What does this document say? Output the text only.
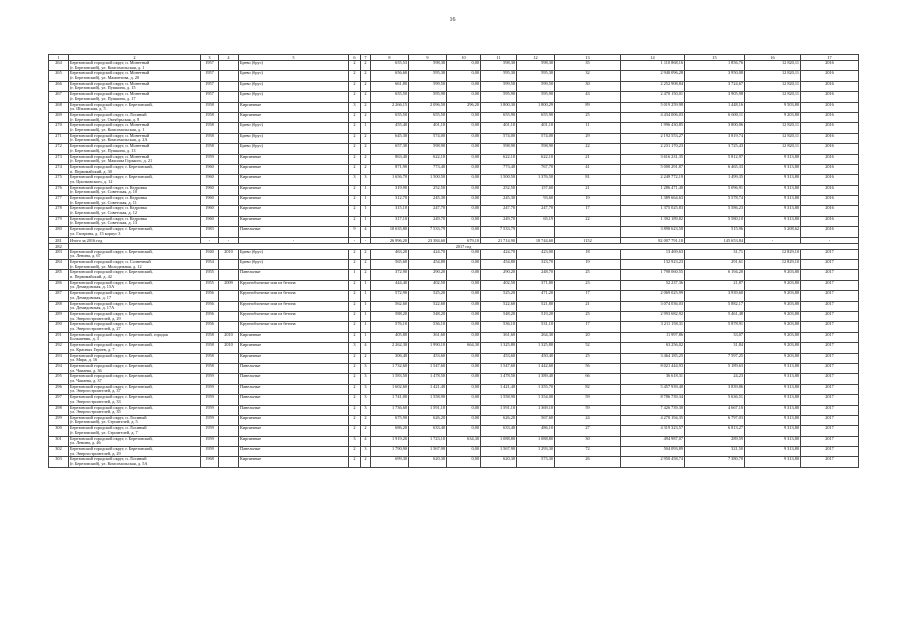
16
1	2	3	4	5	6	7	8	9	10	11	12	13	14	15	16	17
264	Березовский городской округ, п. Монетный
(г. Березовский), ул. Комсомольская, д. 1	1957		Брево (брус)	2	2	655,53	598,30	0,00	598,30	598,30	35	1 110 868,16	1 856,76	12 820,11	2016
265	Березовский городской округ, п. Монетный
(г. Березовский), ул. Мамонтова, д. 20	1957		Брево (брус)	2	2	656,60	595,30	0,00	595,30	595,30	32	2 940 096,28	3 950,08	12 820,11	2016
266	Березовский городской округ, п. Монетный
(г. Березовский), ул. Пушкина, д. 15	1957		Брево (брус)	2	2	661,80	599,50	0,00	599,50	599,50	30	2 252 908,84	3 724,67	12 820,11	2016
267	Березовский городской округ, п. Монетный
(г. Березовский), ул. Пушкина, д. 17	1957		Брево (брус)	2	2	655,50	595,90	0,00	595,90	595,90	43	2 470 150,01	3 905,98	12 820,11	2016
268	Березовский городской округ, г. Березовский,
ул. Шиловская, д. 5	1958		Кирпичные	3	2	2 266,15	2 096,50	296,20	1 800,30	1 800,29	89	5 019 259,98	1 448,16	9 503,80	2016
269	Березовский городской округ, п. Лосиный
(г. Березовский), ул. Октябрьская, д. 8	1958		Кирпичные	2	2	655,50	655,50	0,00	655,90	655,90	25	4 434 006,03	6 600,11	9 203,80	2016
270	Березовский городской округ, п. Монетный
(г. Березовский), ул. Комсомольская, д. 1	1958		Брево (брус)	2	1	455,40	401,10	0,00	401,10	401,10	11	1 996 430,85	3 800,06	12 820,11	2016
271	Березовский городской округ, п. Монетный
(г. Березовский), ул. Комсомольская, д. 2А	1958		Брево (брус)	2	2	645,30	574,00	0,00	574,00	574,00	29	2 192 553,27	3 819,74	12 820,11	2016
272	Березовский городской округ, п. Монетный
(г. Березовский), ул. Пушкина, д. 13	1958		Брево (брус)	2	2	657,30	598,90	0,00	598,90	598,90	22	2 231 170,23	3 725,43	12 820,11	2016
273	Березовский городской округ, п. Монетный
(г. Березовский), ул. Максима Горького, д. 21	1959		Кирпичные	2	2	863,40	622,10	0,00	622,10	622,10	21	3 616 231,35	5 812,97	9 313,80	2016
274	Березовский городской округ, г. Березовский,
п. Первомайский, д. 30	1960		Кирпичные	2	2	871,90	773,40	0,00	773,40	767,70	41	5 000 291,87	6 465,33	9 313,80	2016
275	Березовский городской округ, г. Березовский,
ул. Циолковского, д. 12	1960		Кирпичные	3	3	1 656,70	1 500,50	0,00	1 500,50	1 376,50	81	2 249 772,19	1 499,35	9 313,80	2016
276	Березовский городской округ, п. Кедровка
(г. Березовский), ул. Советская, д. 10	1960		Кирпичные	2	1	319,90	252,50	0,00	252,50	157,60	21	1 286 471,40	5 096,91	9 313,80	2016
277	Березовский городской округ, п. Кедровка
(г. Березовский), ул. Советская, д. 11	1960		Кирпичные	2	1	312,70	245,30	0,00	245,30	93,60	19	1 389 664,63	5 578,74	9 313,80	2016
278	Березовский городской округ, п. Кедровка
(г. Березовский), ул. Советская, д. 12	1960		Кирпичные	2	1	315,10	247,70	0,00	247,70	247,70	17	1 375 025,83	5 586,23	9 313,80	2016
279	Березовский городской округ, п. Кедровка
(г. Березовский), ул. Советская, д. 13	1960		Кирпичные	2	1	317,10	249,70	0,00	249,70	65,19	22	1 392 189,82	5 580,10	9 313,80	2016
280	Березовский городской округ, г. Березовский,
ул. Гагарина, д. 15 корпус 3	1983		Панельные	9	4	10 635,80	7 533,79	0,00	7 533,79			3 898 623,58	515,96	5 208,62	2016
281	Итого за 2016 год	-	-	-	-	-	26 996,20	23 384,60	679,10	21 714,90	18 744,60	1152	82 007 791,18	145 653,84	-	-
282	2017 год															
283	Березовский городской округ, г. Березовский,
ул. Ленина, д. 67	1940	2010	Брево (брус)	2	2	463,20	424,70	0,00	424,70	423,00	18	13 469,63	31,71	12 829,10	2017
284	Березовский городской округ, п. Солнечный
(г. Березовский), ул. Молодежная, д. 12	1954		Брево (брус)	2	2	565,60	454,80	0,00	454,80	323,70	19	132 923,23	291,61	12 829,10	2017
285	Березовский городской округ, г. Березовский,
п. Первомайский, д. 42	1955		Панельные	1	2	372,90	290,20	0,00	290,20	248,70	25	1 798 060,55	6 194,20	9 203,80	2017
286	Березовский городской округ, г. Березовский,
ул. Демидовская, д. 15А	1955	2009	Крупноблочные или из бетона	2	1	444,40	402,50	0,00	402,50	371,80	23	52 237,36	21,87	9 203,80	2017
287	Березовский городской округ, г. Березовский,
ул. Демидовская, д. 17	1956		Крупноблочные или из бетона	2	1	572,90	525,20	0,00	525,20	471,20	17	2 069 025,99	3 939,60	9 203,80	2017
288	Березовский городской округ, г. Березовский,
ул. Демидовская, д. 17А	1956		Крупноблочные или из бетона	2	1	562,60	522,60	0,00	522,60	521,80	21	3 074 036,03	5 882,17	9 203,80	2017
289	Березовский городской округ, г. Березовский,
ул. Энергостроителей, д. 29	1956		Крупноблочные или из бетона	2	1	588,20	548,20	0,00	548,20	519,20	25	2 993 682,92	5 461,48	9 203,80	2017
290	Березовский городской округ, г. Березовский,
ул. Энергостроителей, д. 27	1956		Крупноблочные или из бетона	2	1	576,10	536,10	0,00	536,10	531,10	17	3 211 158,31	5 878,91	9 203,80	2017
291	Березовский городской округ, г. Березовский, городок
Большевик, д. 3	1958	2010	Кирпичные	2	1	405,80	361,60	0,00	361,60	264,30	20	11 997,86	33,07	9 203,80	2017
292	Березовский городской округ, г. Березовский,
ул. Красных Героев, д. 7	1958	2010	Кирпичные	3	4	2 262,30	1 990,10	664,30	1 325,80	1 325,80	52	63 256,02	31,84	9 203,80	2017
293	Березовский городской округ, г. Березовский,
ул. Мира, д. 16	1958		Кирпичные	2	2	306,40	453,60	0,00	453,60	450,40	25	3 464 185,25	7 597,25	9 203,80	2017
294	Березовский городской округ, г. Березовский,
ул. Чапаева, д. 36	1958		Панельные	2	3	1 732,60	1 547,60	0,00	1 547,60	1 442,60	56	8 021 444,93	5 189,63	9 313,80	2017
295	Березовский городской округ, г. Березовский,
ул. Чапаева, д. 37	1959		Панельные	2	3	1 583,50	1 478,50	0,00	1 478,50	1 389,40	66	36 618,31	24,23	9 313,80	2017
296	Березовский городской округ, г. Березовский,
ул. Энергостроителей, д. 37	1959		Панельные	2	3	1 602,60	1 421,40	0,00	1 421,40	1 355,70	82	5 457 939,40	3 839,86	9 313,80	2017
297	Березовский городской округ, г. Березовский,
ул. Энергостроителей, д. 33	1959		Панельные	2	3	1 741,00	1 558,90	0,00	1 558,90	1 354,00	59	8 786 739,34	5 636,51	9 313,80	2017
298	Березовский городской округ, г. Березовский,
ул. Энергостроителей, д. 35	1959		Панельные	2	3	1 736,60	1 591,10	0,00	1 591,10	1 369,10	59	7 426 739,30	4 667,10	9 313,80	2017
299	Березовский городской округ, п. Лосиный
(г. Березовский), ул. Строителей, д. 5	1959		Кирпичные	2	2	675,90	626,20	0,00	626,20	567,60	24	4 270 194,35	6 797,03	9 313,80	2017
300	Березовский городской округ, п. Лосиный
(г. Березовский), ул. Строителей, д. 7	1959		Кирпичные	2	2	686,20	633,40	0,00	633,40	486,10	27	4 319 323,57	6 813,27	9 313,80	2017
301	Березовский городской округ, г. Березовский,
ул. Ленина, д. 46	1959		Кирпичные	3	4	1 919,20	1 723,10	634,30	1 088,80	1 088,80	30	494 987,07	289,59	9 313,80	2017
302	Березовский городской округ, г. Березовский,
ул. Энергостроителей, д. 29	1959		Панельные	2	3	1 790,90	1 567,90	0,00	1 567,90	1 293,30	72	504 093,89	321,50	9 313,80	2017
303	Березовский городской округ, п. Лосиный
(г. Березовский), ул. Комсомольская, д. 5А	1968		Кирпичные	2	2	699,30	620,30	0,00	620,30	573,30	26	2 950 458,74	7 380,78	9 313,80	2017
